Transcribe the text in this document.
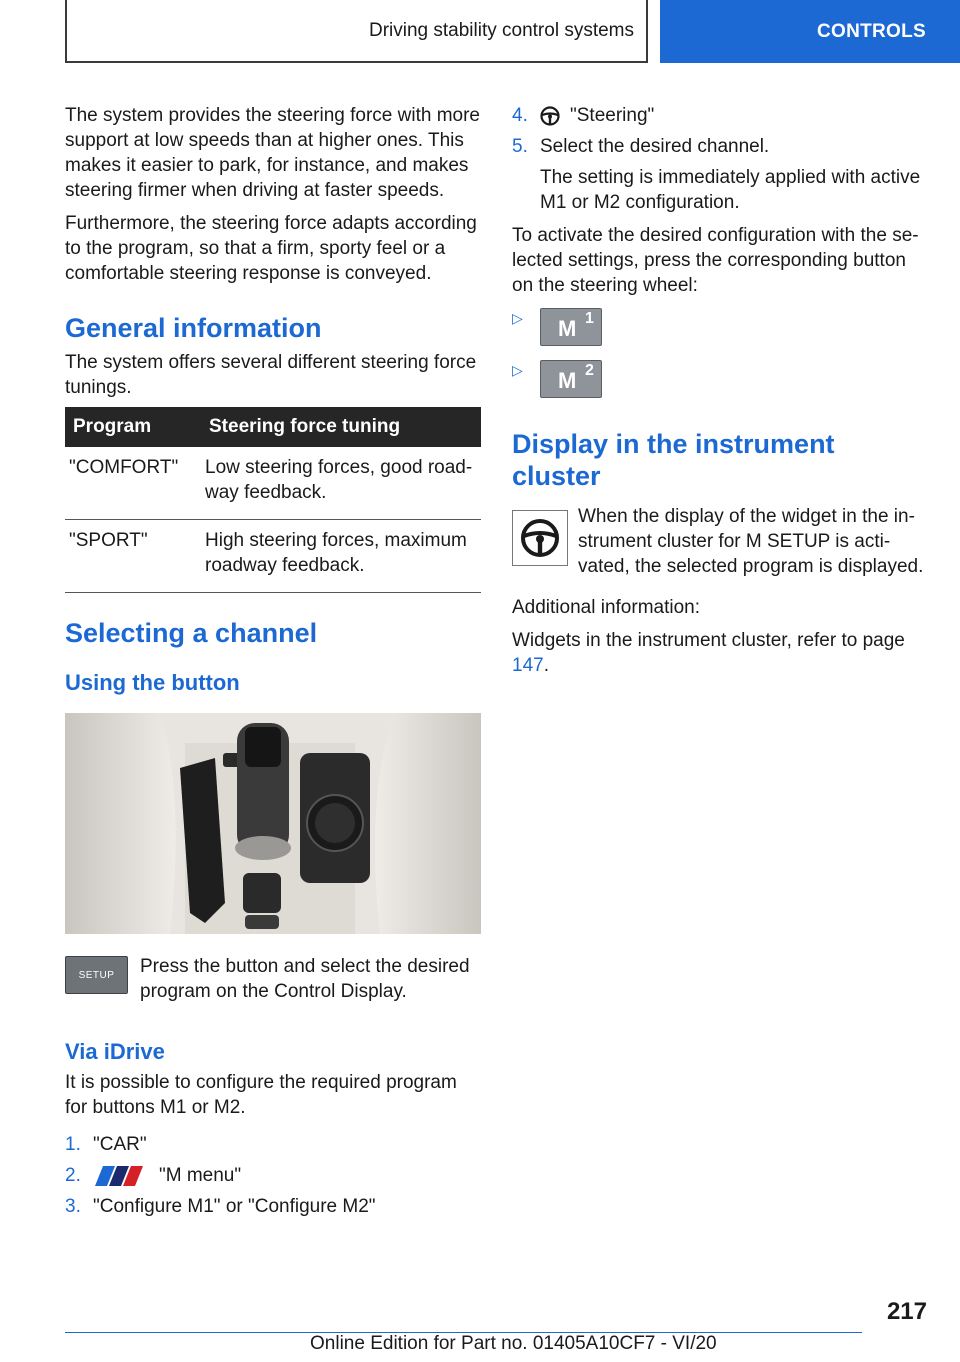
Driving stability control systems	CONTROLS

The system provides the steering force with more support at low speeds than at higher ones. This makes it easier to park, for instance, and makes steering firmer when driving at faster speeds.

Furthermore, the steering force adapts according to the program, so that a firm, sporty feel or a comfortable steering response is conveyed.

General information

The system offers several different steering force tunings.

Program	Steering force tuning
"COMFORT"	Low steering forces, good road-way feedback.
"SPORT"	High steering forces, maximum roadway feedback.
Selecting a channel
Using the button
SETUP Press the button and select the desired program on the Control Display.

Via iDrive

It is possible to configure the required program for buttons M1 or M2.

1. "CAR"
2.	"M menu"
3. "Configure M1" or "Configure M2"
4.	"Steering"
5. Select the desired channel.
The setting is immediately applied with active M1 or M2 configuration.

To activate the desired configuration with the se-lected settings, press the corresponding button on the steering wheel:

▷	M 1
▷	M 2
Display in the instrument cluster

When the display of the widget in the in-strument cluster for M SETUP is acti-vated, the selected program is displayed.

Additional information:

Widgets in the instrument cluster, refer to page 147.

217
Online Edition for Part no. 01405A10CF7 - VI/20
